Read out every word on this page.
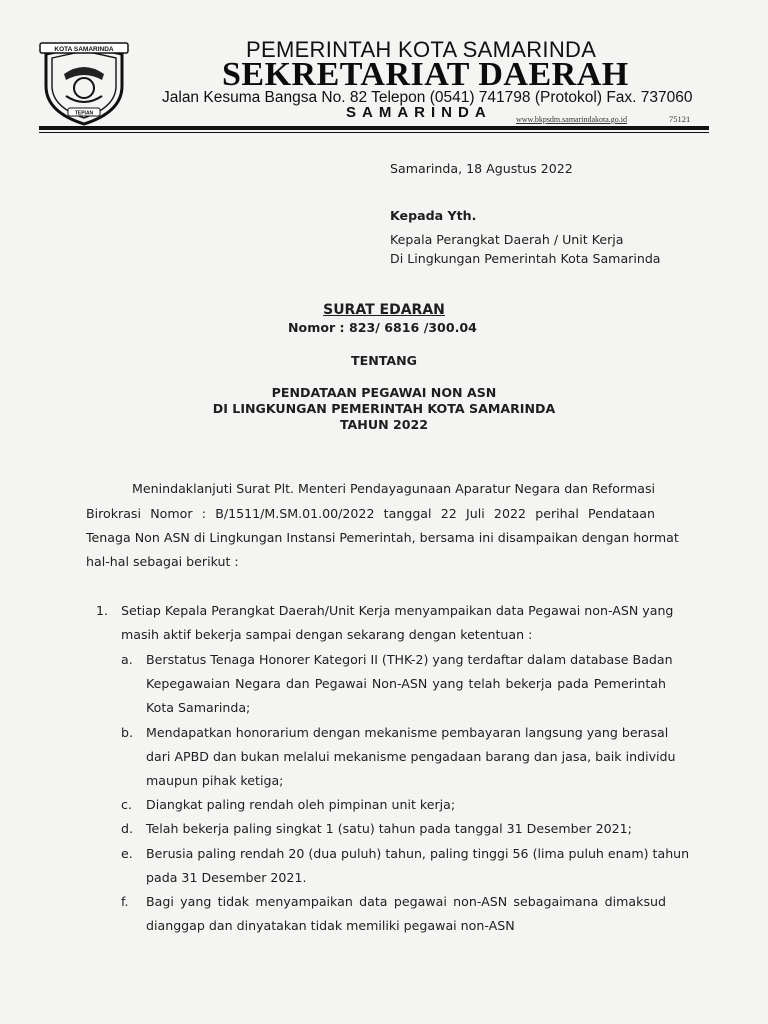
KOTA SAMARINDA
TEPIAN
PEMERINTAH KOTA SAMARINDA
SEKRETARIAT DAERAH
Jalan Kesuma Bangsa No. 82 Telepon (0541) 741798 (Protokol) Fax. 737060
SAMARINDA	www.bkpsdm.samarindakota.go.id	75121
Samarinda, 18 Agustus 2022
Kepada Yth.
Kepala Perangkat Daerah / Unit Kerja
Di Lingkungan Pemerintah Kota Samarinda
SURAT EDARAN
Nomor : 823/ 6816 /300.04
TENTANG
PENDATAAN PEGAWAI NON ASN
DI LINGKUNGAN PEMERINTAH KOTA SAMARINDA
TAHUN 2022
Menindaklanjuti Surat Plt. Menteri Pendayagunaan Aparatur Negara dan Reformasi
Birokrasi Nomor : B/1511/M.SM.01.00/2022 tanggal 22 Juli 2022 perihal Pendataan
Tenaga Non ASN di Lingkungan Instansi Pemerintah, bersama ini disampaikan dengan hormat
hal-hal sebagai berikut :
1. Setiap Kepala Perangkat Daerah/Unit Kerja menyampaikan data Pegawai non-ASN yang
masih aktif bekerja sampai dengan sekarang dengan ketentuan :
a. Berstatus Tenaga Honorer Kategori II (THK-2) yang terdaftar dalam database Badan
Kepegawaian Negara dan Pegawai Non-ASN yang telah bekerja pada Pemerintah
Kota Samarinda;
b. Mendapatkan honorarium dengan mekanisme pembayaran langsung yang berasal
dari APBD dan bukan melalui mekanisme pengadaan barang dan jasa, baik individu
maupun pihak ketiga;
c. Diangkat paling rendah oleh pimpinan unit kerja;
d. Telah bekerja paling singkat 1 (satu) tahun pada tanggal 31 Desember 2021;
e. Berusia paling rendah 20 (dua puluh) tahun, paling tinggi 56 (lima puluh enam) tahun
pada 31 Desember 2021.
f. Bagi yang tidak menyampaikan data pegawai non-ASN sebagaimana dimaksud
dianggap dan dinyatakan tidak memiliki pegawai non-ASN
